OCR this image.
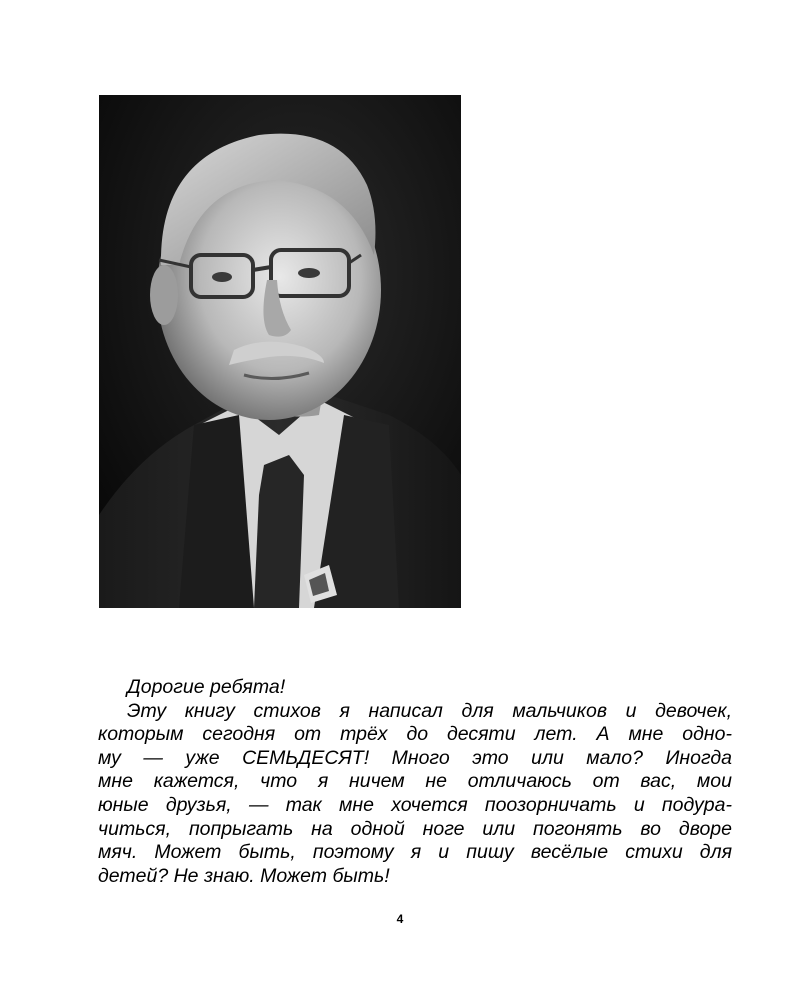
Дорогие ребята!
Эту книгу стихов я написал для мальчиков и девочек,
которым сегодня от трёх до десяти лет. А мне одно-
му — уже СЕМЬДЕСЯТ! Много это или мало? Иногда
мне кажется, что я ничем не отличаюсь от вас, мои
юные друзья, — так мне хочется поозорничать и подура-
читься, попрыгать на одной ноге или погонять во дворе
мяч. Может быть, поэтому я и пишу весёлые стихи для
детей? Не знаю. Может быть!
4
